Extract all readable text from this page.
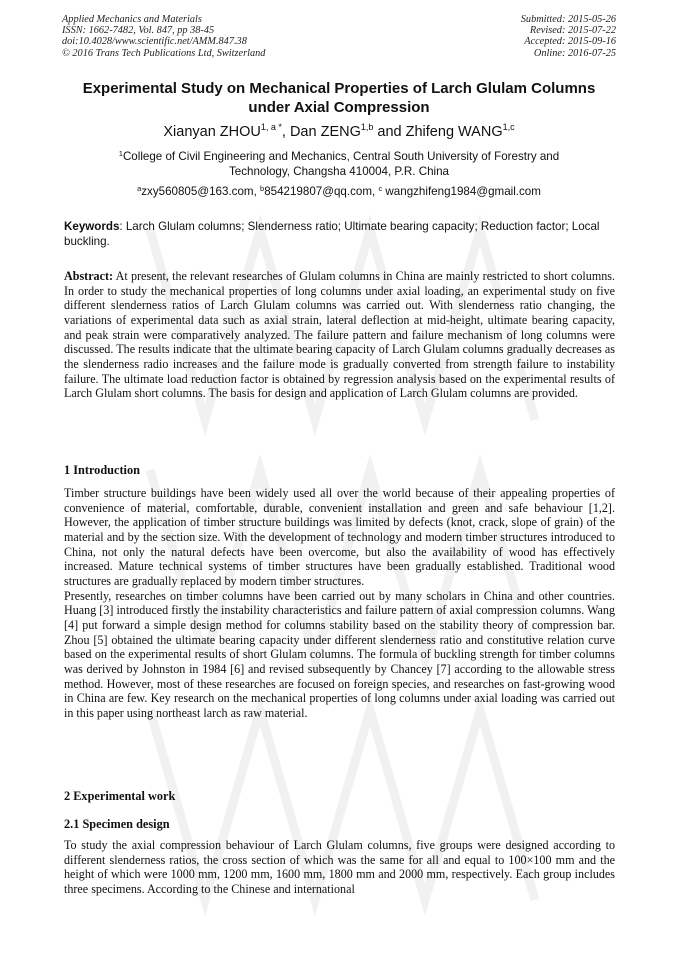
Applied Mechanics and Materials
ISSN: 1662-7482, Vol. 847, pp 38-45
doi:10.4028/www.scientific.net/AMM.847.38
© 2016 Trans Tech Publications Ltd, Switzerland
Submitted: 2015-05-26
Revised: 2015-07-22
Accepted: 2015-09-16
Online: 2016-07-25
Experimental Study on Mechanical Properties of Larch Glulam Columns
under Axial Compression
Xianyan $ZHOU^{1, a *}$, Dan ZENG$^{1,b}$ and Zhifeng WANG$^{1,c}$
$^1$College of Civil Engineering and Mechanics, Central South University of Forestry and
Technology, Changsha 410004, P.R. China
$^a$zxy560805@163.com, $^b$854219807@qq.com, $^c$ wangzhifeng1984@gmail.com
Keywords: Larch Glulam columns; Slenderness ratio; Ultimate bearing capacity; Reduction factor; Local buckling.
Abstract: At present, the relevant researches of Glulam columns in China are mainly restricted to short columns. In order to study the mechanical properties of long columns under axial loading, an experimental study on five different slenderness ratios of Larch Glulam columns was carried out. With slenderness ratio changing, the variations of experimental data such as axial strain, lateral deflection at mid-height, ultimate bearing capacity, and peak strain were comparatively analyzed. The failure pattern and failure mechanism of long columns were discussed. The results indicate that the ultimate bearing capacity of Larch Glulam columns gradually decreases as the slenderness radio increases and the failure mode is gradually converted from strength failure to instability failure. The ultimate load reduction factor is obtained by regression analysis based on the experimental results of Larch Glulam short columns. The basis for design and application of Larch Glulam columns are provided.
1 Introduction

Timber structure buildings have been widely used all over the world because of their appealing properties of convenience of material, comfortable, durable, convenient installation and green and safe behaviour [1,2]. However, the application of timber structure buildings was limited by defects (knot, crack, slope of grain) of the material and by the section size. With the development of technology and modern timber structures introduced to China, not only the natural defects have been overcome, but also the availability of wood has effectively increased. Mature technical systems of timber structures have been gradually established. Traditional wood structures are gradually replaced by modern timber structures.

Presently, researches on timber columns have been carried out by many scholars in China and other countries. Huang [3] introduced firstly the instability characteristics and failure pattern of axial compression columns. Wang [4] put forward a simple design method for columns stability based on the stability theory of compression bar. Zhou [5] obtained the ultimate bearing capacity under different slenderness ratio and constitutive relation curve based on the experimental results of short Glulam columns. The formula of buckling strength for timber columns was derived by Johnston in 1984 [6] and revised subsequently by Chancey [7] according to the allowable stress method. However, most of these researches are focused on foreign species, and researches on fast-growing wood in China are few. Key research on the mechanical properties of long columns under axial loading was carried out in this paper using northeast larch as raw material.

2 Experimental work
2.1 Specimen design

To study the axial compression behaviour of Larch Glulam columns, five groups were designed according to different slenderness ratios, the cross section of which was the same for all and equal to 100×100 mm and the height of which were 1000 mm, 1200 mm, 1600 mm, 1800 mm and 2000 mm, respectively. Each group includes three specimens. According to the Chinese and international
